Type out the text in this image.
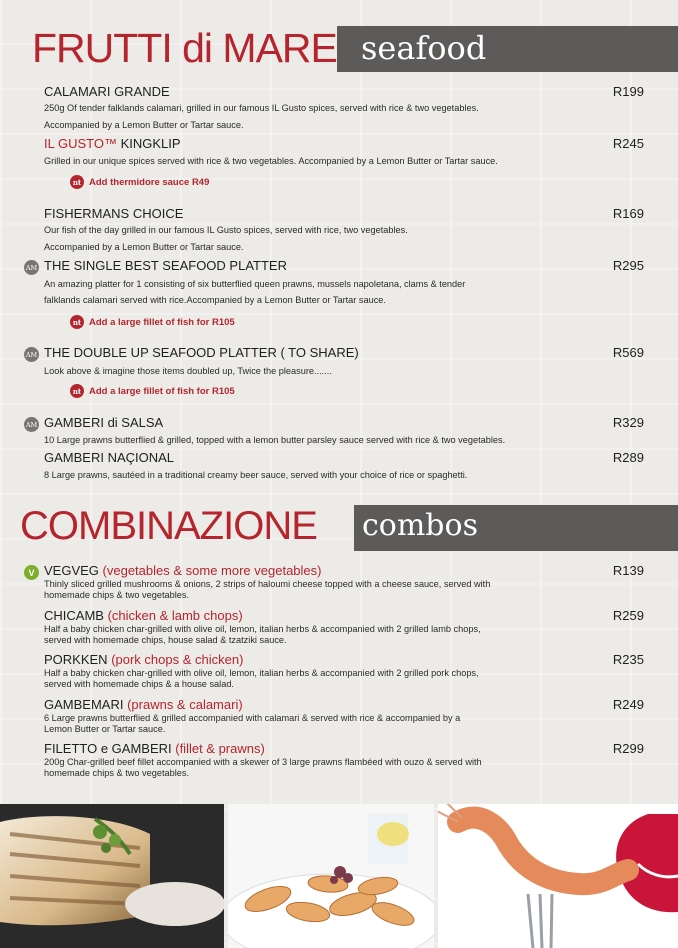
FRUTTI di MARE seafood
CALAMARI GRANDE
250g Of tender falklands calamari, grilled in our famous IL Gusto spices, served with rice & two vegetables.
Accompanied by a Lemon Butter or Tartar sauce.
R199
IL GUSTO™ KINGKLIP
Grilled in our unique spices served with rice & two vegetables. Accompanied by a Lemon Butter or Tartar sauce.
R245
nt Add thermidore sauce R49
FISHERMANS CHOICE
Our fish of the day grilled in our famous IL Gusto spices, served with rice, two vegetables.
Accompanied by a Lemon Butter or Tartar sauce.
R169
AM THE SINGLE BEST SEAFOOD PLATTER
An amazing platter for 1 consisting of six butterflied queen prawns, mussels napoletana, clams & tender
falklands calamari served with rice.Accompanied by a Lemon Butter or Tartar sauce.
R295
nt Add a large fillet of fish for R105
AM THE DOUBLE UP SEAFOOD PLATTER ( TO SHARE)
Look above & imagine those items doubled up, Twice the pleasure.......
R569
nt Add a large fillet of fish for R105
AM GAMBERI di SALSA
10 Large prawns butterflied & grilled, topped with a lemon butter parsley sauce served with rice & two vegetables.
R329
GAMBERI NAÇIONAL
8 Large prawns, sautéed in a traditional creamy beer sauce, served with your choice of rice or spaghetti.
R289
COMBINAZIONE combos
V VEGVEG (vegetables & some more vegetables)
Thinly sliced grilled mushrooms & onions, 2 strips of haloumi cheese topped with a cheese sauce, served with
homemade chips & two vegetables.
R139
CHICAMB (chicken & lamb chops)
Half a baby chicken char-grilled with olive oil, lemon, italian herbs & accompanied with 2 grilled lamb chops,
served with homemade chips, house salad & tzatziki sauce.
R259
PORKKEN (pork chops & chicken)
Half a baby chicken char-grilled with olive oil, lemon, italian herbs & accompanied with 2 grilled pork chops,
served with homemade chips & a house salad.
R235
GAMBEMARI (prawns & calamari)
6 Large prawns butterflied & grilled accompanied with calamari & served with rice & accompanied by a
Lemon Butter or Tartar sauce.
R249
FILETTO e GAMBERI (fillet & prawns)
200g Char-grilled beef fillet accompanied with a skewer of 3 large prawns flambéed with ouzo & served with
homemade chips & two vegetables.
R299
